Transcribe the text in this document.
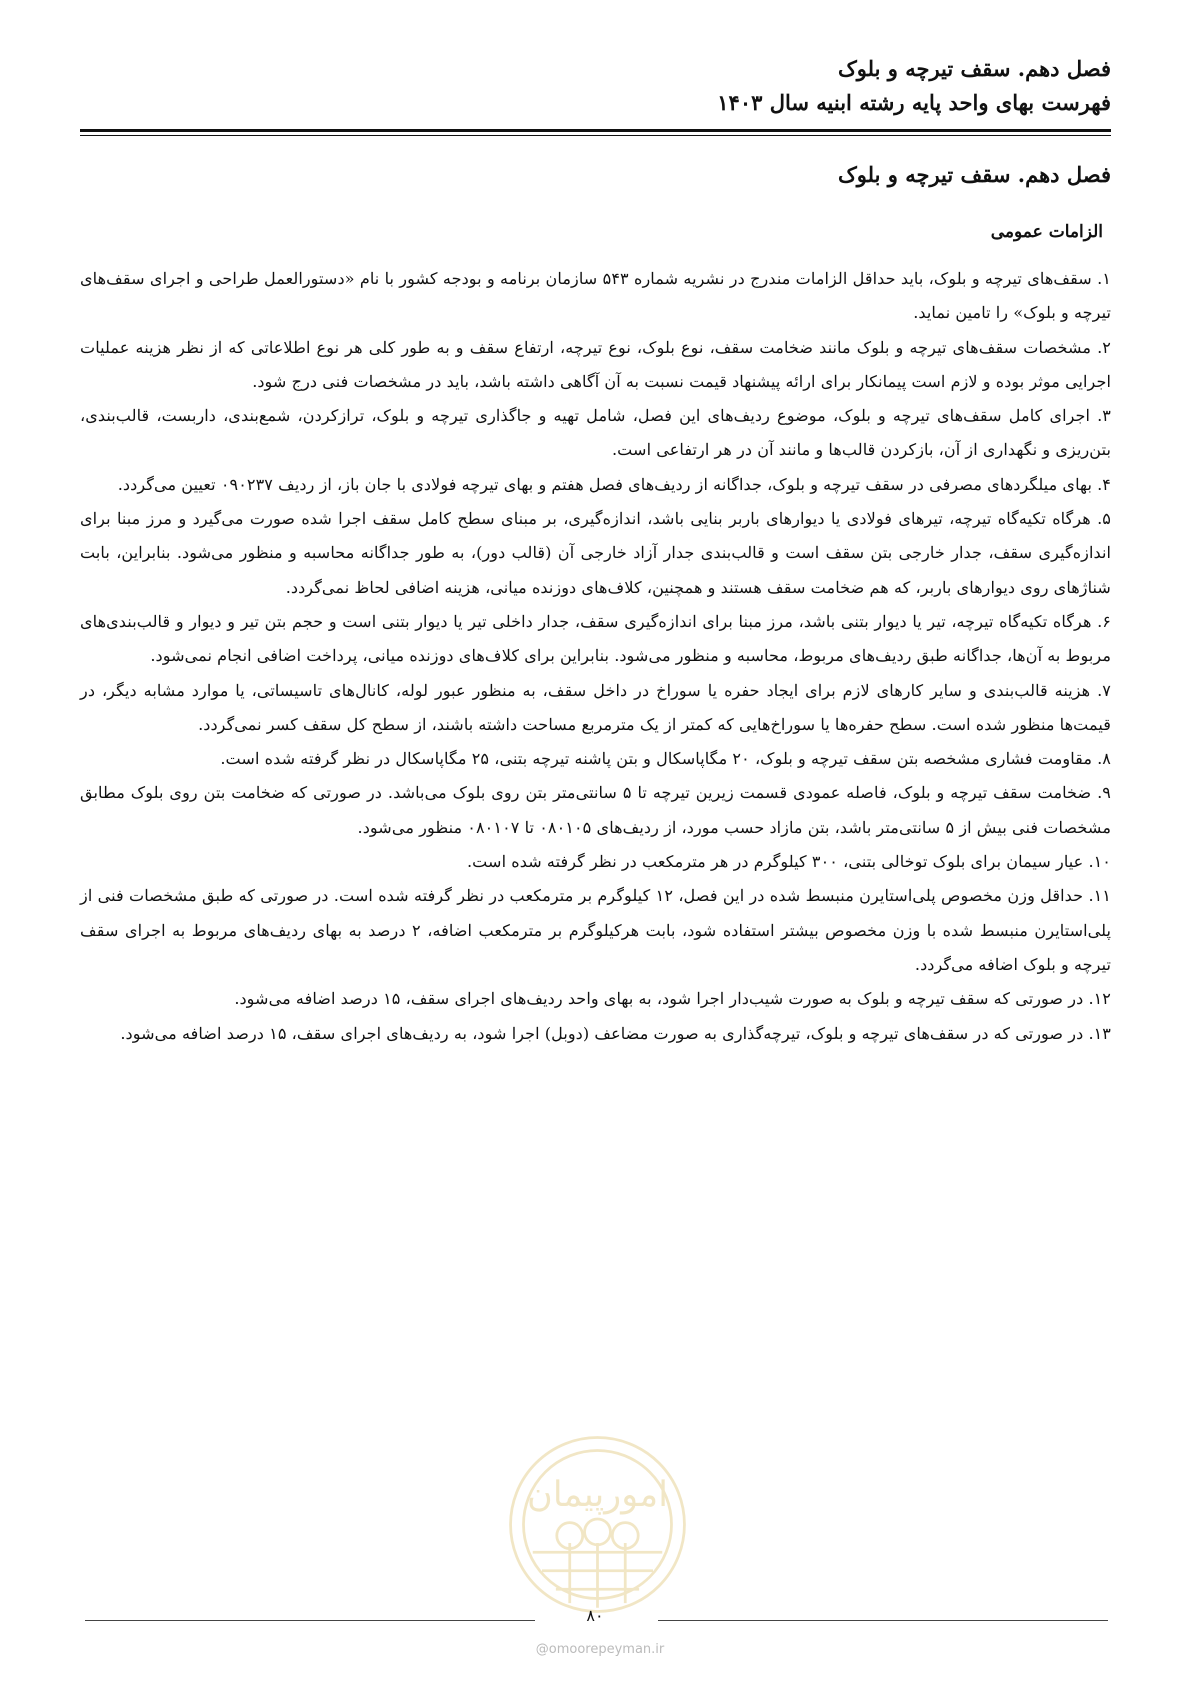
فصل دهم. سقف تیرچه و بلوک
فهرست بهای واحد پایه رشته ابنیه سال ۱۴۰۳
فصل دهم. سقف تیرچه و بلوک
الزامات عمومی

۱. سقف‌های تیرچه و بلوک، باید حداقل الزامات مندرج در نشریه شماره ۵۴۳ سازمان برنامه و بودجه کشور با نام «دستورالعمل طراحی و اجرای سقف‌های تیرچه و بلوک» را تامین نماید.

۲. مشخصات سقف‌های تیرچه و بلوک مانند ضخامت سقف، نوع بلوک، نوع تیرچه، ارتفاع سقف و به طور کلی هر نوع اطلاعاتی که از نظر هزینه عملیات اجرایی موثر بوده و لازم است پیمانکار برای ارائه پیشنهاد قیمت نسبت به آن آگاهی داشته باشد، باید در مشخصات فنی درج شود.

۳. اجرای کامل سقف‌های تیرچه و بلوک، موضوع ردیف‌های این فصل، شامل تهیه و جاگذاری تیرچه و بلوک، ترازکردن، شمع‌بندی، داربست، قالب‌بندی، بتن‌ریزی و نگهداری از آن، بازکردن قالب‌ها و مانند آن در هر ارتفاعی است.

۴. بهای میلگردهای مصرفی در سقف تیرچه و بلوک، جداگانه از ردیف‌های فصل هفتم و بهای تیرچه فولادی با جان باز، از ردیف ۰۹۰۲۳۷ تعیین می‌گردد.

۵. هرگاه تکیه‌گاه تیرچه، تیرهای فولادی یا دیوارهای باربر بنایی باشد، اندازه‌گیری، بر مبنای سطح کامل سقف اجرا شده صورت می‌گیرد و مرز مبنا برای اندازه‌گیری سقف، جدار خارجی بتن سقف است و قالب‌بندی جدار آزاد خارجی آن (قالب دور)، به طور جداگانه محاسبه و منظور می‌شود. بنابراین، بابت شناژهای روی دیوارهای باربر، که هم ضخامت سقف هستند و همچنین، کلاف‌های دوزنده میانی، هزینه اضافی لحاظ نمی‌گردد.

۶. هرگاه تکیه‌گاه تیرچه، تیر یا دیوار بتنی باشد، مرز مبنا برای اندازه‌گیری سقف، جدار داخلی تیر یا دیوار بتنی است و حجم بتن تیر و دیوار و قالب‌بندی‌های مربوط به آن‌ها، جداگانه طبق ردیف‌های مربوط، محاسبه و منظور می‌شود. بنابراین برای کلاف‌های دوزنده میانی، پرداخت اضافی انجام نمی‌شود.

۷. هزینه قالب‌بندی و سایر کارهای لازم برای ایجاد حفره یا سوراخ در داخل سقف، به منظور عبور لوله، کانال‌های تاسیساتی، یا موارد مشابه دیگر، در قیمت‌ها منظور شده است. سطح حفره‌ها یا سوراخ‌هایی که کمتر از یک مترمربع مساحت داشته باشند، از سطح کل سقف کسر نمی‌گردد.

۸. مقاومت فشاری مشخصه بتن سقف تیرچه و بلوک، ۲۰ مگاپاسکال و بتن پاشنه تیرچه بتنی، ۲۵ مگاپاسکال در نظر گرفته شده است.

۹. ضخامت سقف تیرچه و بلوک، فاصله عمودی قسمت زیرین تیرچه تا ۵ سانتی‌متر بتن روی بلوک می‌باشد. در صورتی که ضخامت بتن روی بلوک مطابق مشخصات فنی بیش از ۵ سانتی‌متر باشد، بتن مازاد حسب مورد، از ردیف‌های ۰۸۰۱۰۵ تا ۰۸۰۱۰۷ منظور می‌شود.

۱۰. عیار سیمان برای بلوک توخالی بتنی، ۳۰۰ کیلوگرم در هر مترمکعب در نظر گرفته شده است.

۱۱. حداقل وزن مخصوص پلی‌استایرن منبسط شده در این فصل، ۱۲ کیلوگرم بر مترمکعب در نظر گرفته شده است. در صورتی که طبق مشخصات فنی از پلی‌استایرن منبسط شده با وزن مخصوص بیشتر استفاده شود، بابت هرکیلوگرم بر مترمکعب اضافه، ۲ درصد به بهای ردیف‌های مربوط به اجرای سقف تیرچه و بلوک اضافه می‌گردد.

۱۲. در صورتی که سقف تیرچه و بلوک به صورت شیب‌دار اجرا شود، به بهای واحد ردیف‌های اجرای سقف، ۱۵ درصد اضافه می‌شود.

۱۳. در صورتی که در سقف‌های تیرچه و بلوک، تیرچه‌گذاری به صورت مضاعف (دوبل) اجرا شود، به ردیف‌های اجرای سقف، ۱۵ درصد اضافه می‌شود.

امورپیمان
۸۰
@omoorepeyman.ir
